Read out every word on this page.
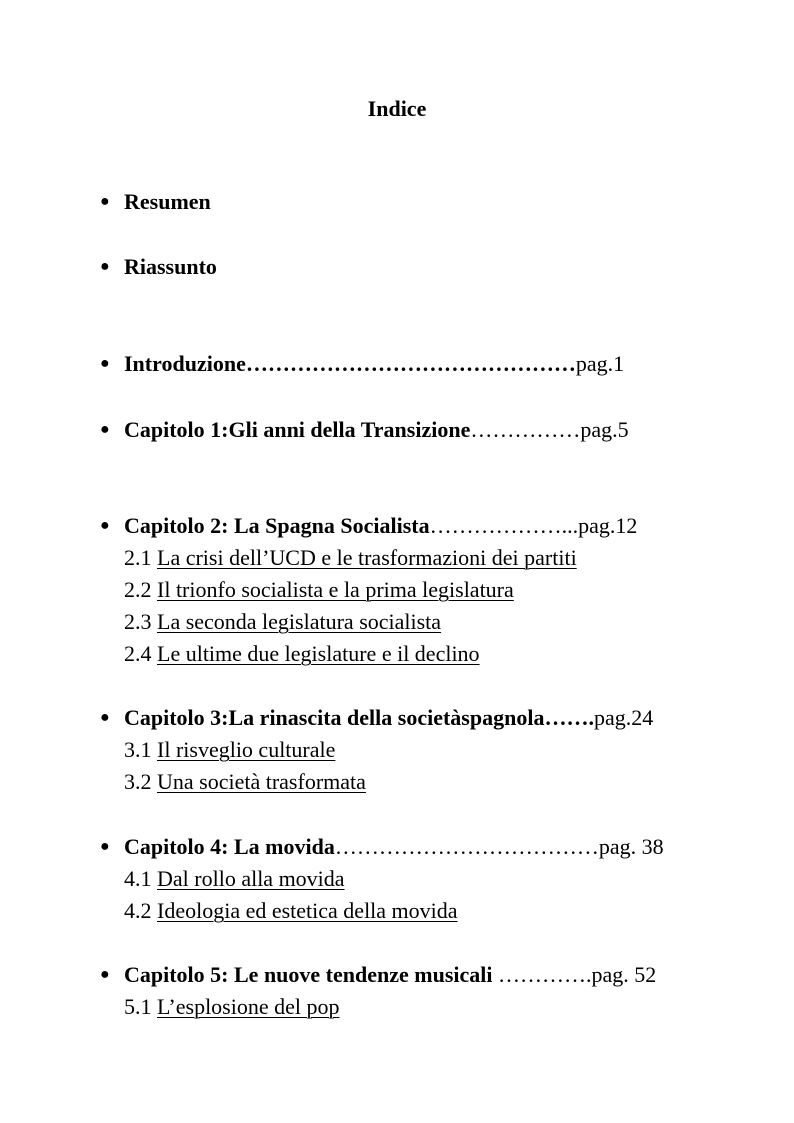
Indice
● Resumen
● Riassunto
● Introduzione………………………………………pag.1
● Capitolo 1:Gli anni della Transizione……………pag.5
● Capitolo 2: La Spagna Socialista………………...pag.12
2.1 La crisi dell’UCD e le trasformazioni dei partiti
2.2 Il trionfo socialista e la prima legislatura
2.3 La seconda legislatura socialista
2.4 Le ultime due legislature e il declino
● Capitolo 3:La rinascita della societàspagnola…….pag.24
3.1 Il risveglio culturale
3.2 Una società trasformata
● Capitolo 4: La movida………………………………pag. 38
4.1 Dal rollo alla movida
4.2 Ideologia ed estetica della movida
● Capitolo 5: Le nuove tendenze musicali ………….pag. 52
5.1 L’esplosione del pop
